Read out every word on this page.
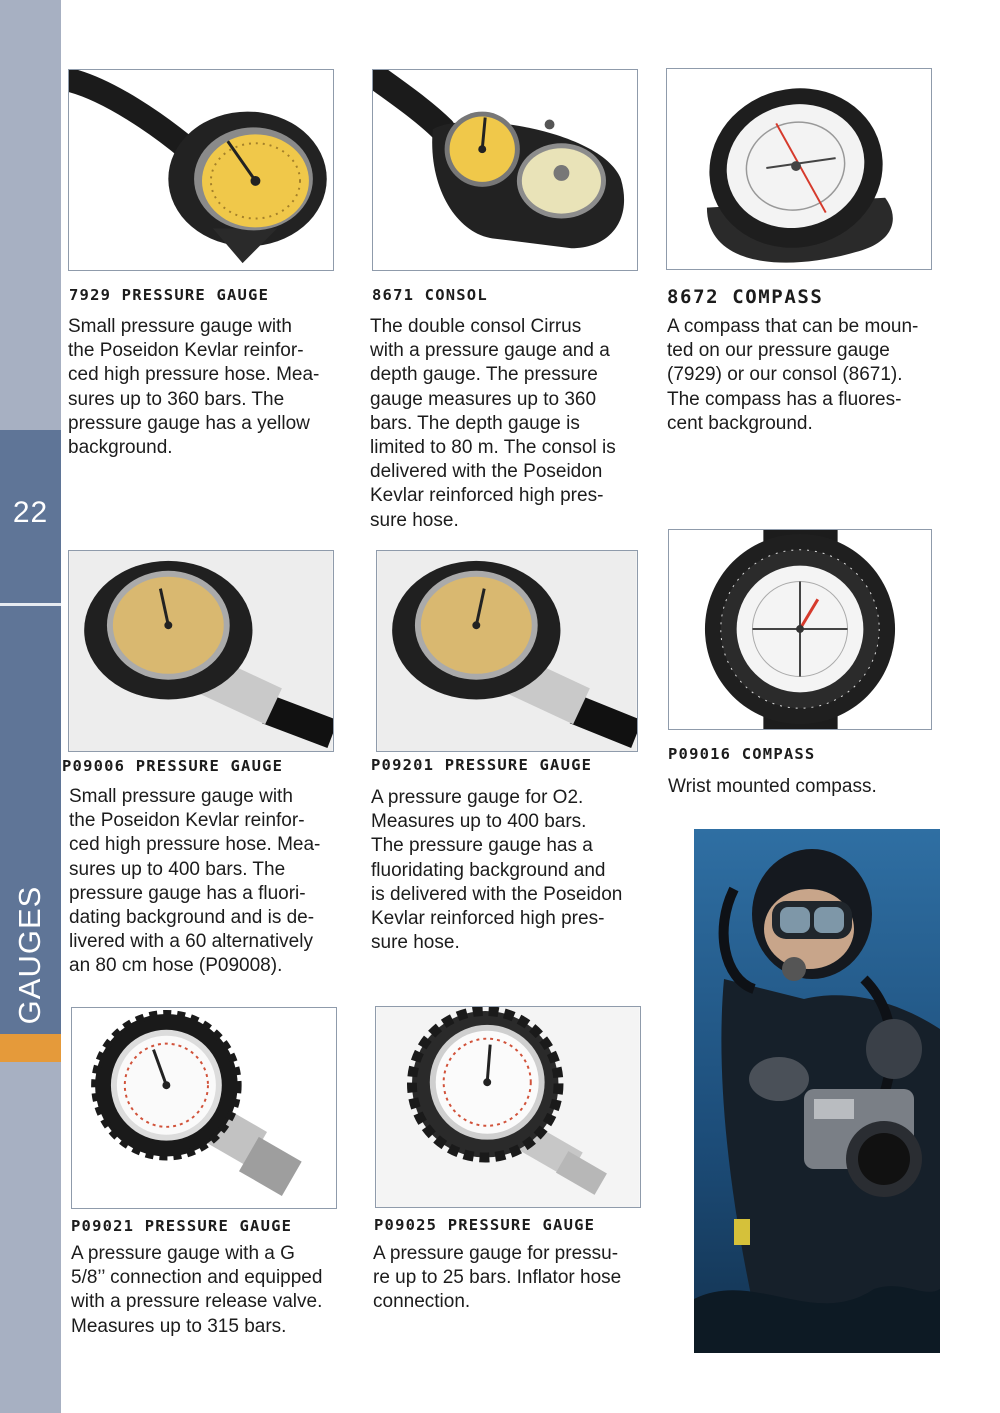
22
GAUGES
7929 PRESSURE GAUGE
Small pressure gauge with
the Poseidon Kevlar reinfor-
ced high pressure hose. Mea-
sures up to 360 bars. The
pressure gauge has a yellow
background.
8671 CONSOL
The double consol Cirrus
with a pressure gauge and a
depth gauge. The pressure
gauge measures up to 360
bars. The depth gauge is
limited to 80 m. The consol is
delivered with the Poseidon
Kevlar reinforced high pres-
sure hose.
8672 COMPASS
A compass that can be moun-
ted on our pressure gauge
(7929) or our consol (8671).
The compass has a fluores-
cent background.
P09006 PRESSURE GAUGE
Small pressure gauge with
the Poseidon Kevlar reinfor-
ced high pressure hose. Mea-
sures up to 400 bars. The
pressure gauge has a fluori-
dating background and is de-
livered with a 60 alternatively
an 80 cm hose (P09008).
P09201 PRESSURE GAUGE
A pressure gauge for O2.
Measures up to 400 bars.
The pressure gauge has a
fluoridating background and
is delivered with the Poseidon
Kevlar reinforced high pres-
sure hose.
P09016 COMPASS
Wrist mounted compass.
P09021 PRESSURE GAUGE
A pressure gauge with a G
5/8’’ connection and equipped
with a pressure release valve.
Measures up to 315 bars.
P09025 PRESSURE GAUGE
A pressure gauge for pressu-
re up to 25 bars. Inflator hose
connection.
